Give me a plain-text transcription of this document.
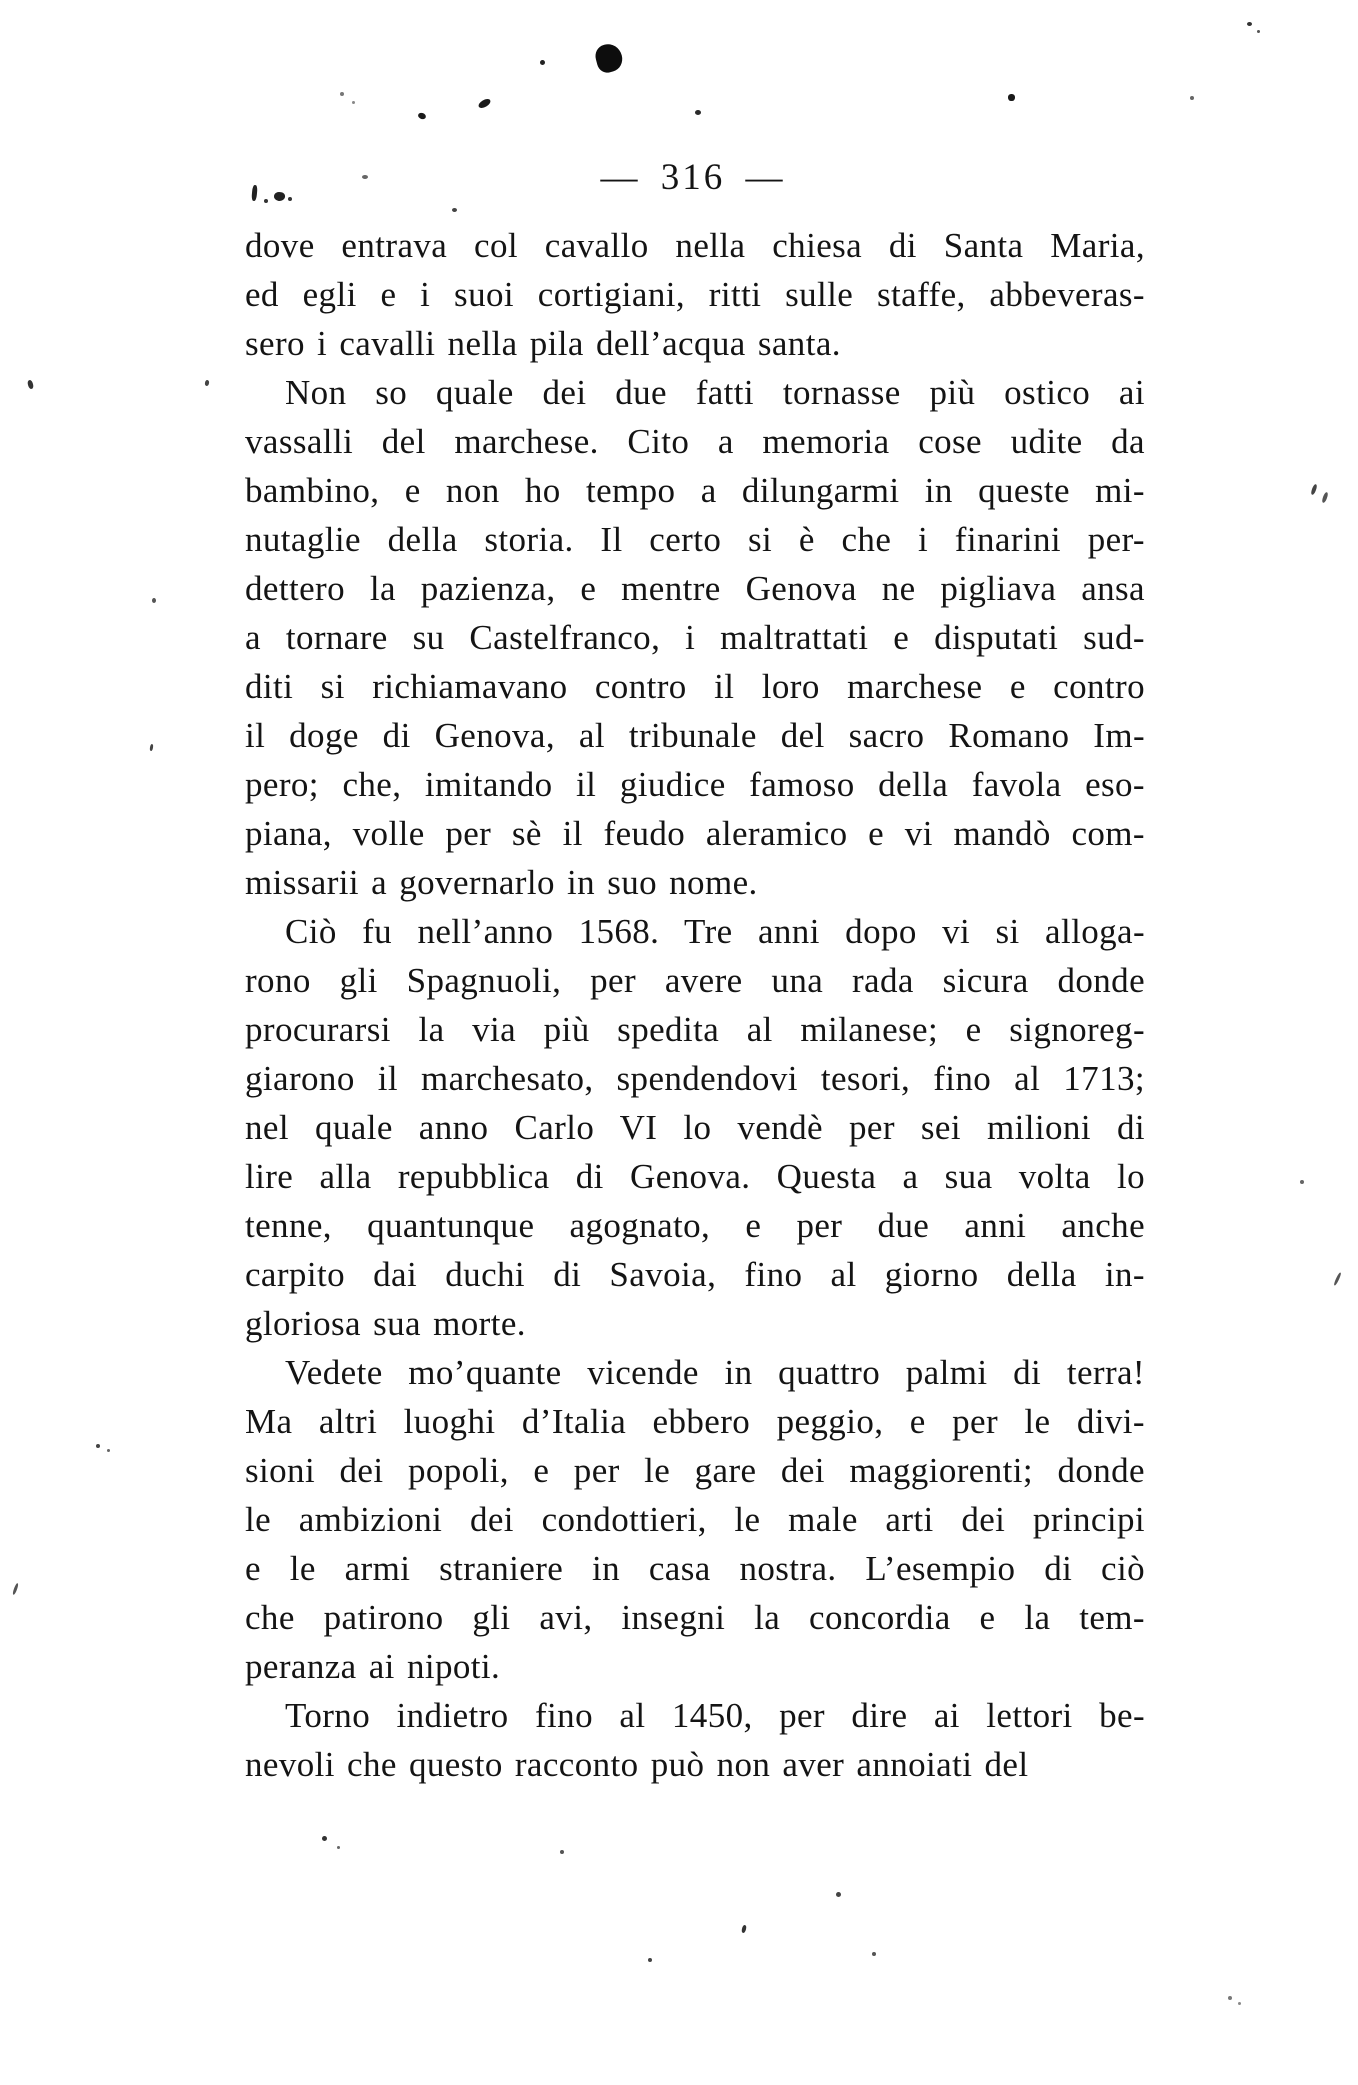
— 316 —
dove entrava col cavallo nella chiesa di Santa Maria,
ed egli e i suoi cortigiani, ritti sulle staffe, abbeveras-
sero i cavalli nella pila dell’acqua santa.
Non so quale dei due fatti tornasse più ostico ai
vassalli del marchese. Cito a memoria cose udite da
bambino, e non ho tempo a dilungarmi in queste mi-
nutaglie della storia. Il certo si è che i finarini per-
dettero la pazienza, e mentre Genova ne pigliava ansa
a tornare su Castelfranco, i maltrattati e disputati sud-
diti si richiamavano contro il loro marchese e contro
il doge di Genova, al tribunale del sacro Romano Im-
pero; che, imitando il giudice famoso della favola eso-
piana, volle per sè il feudo aleramico e vi mandò com-
missarii a governarlo in suo nome.
Ciò fu nell’anno 1568. Tre anni dopo vi si alloga-
rono gli Spagnuoli, per avere una rada sicura donde
procurarsi la via più spedita al milanese; e signoreg-
giarono il marchesato, spendendovi tesori, fino al 1713;
nel quale anno Carlo VI lo vendè per sei milioni di
lire alla repubblica di Genova. Questa a sua volta lo
tenne, quantunque agognato, e per due anni anche
carpito dai duchi di Savoia, fino al giorno della in-
gloriosa sua morte.
Vedete mo’quante vicende in quattro palmi di terra!
Ma altri luoghi d’Italia ebbero peggio, e per le divi-
sioni dei popoli, e per le gare dei maggiorenti; donde
le ambizioni dei condottieri, le male arti dei principi
e le armi straniere in casa nostra. L’esempio di ciò
che patirono gli avi, insegni la concordia e la tem-
peranza ai nipoti.
Torno indietro fino al 1450, per dire ai lettori be-
nevoli che questo racconto può non aver annoiati del
